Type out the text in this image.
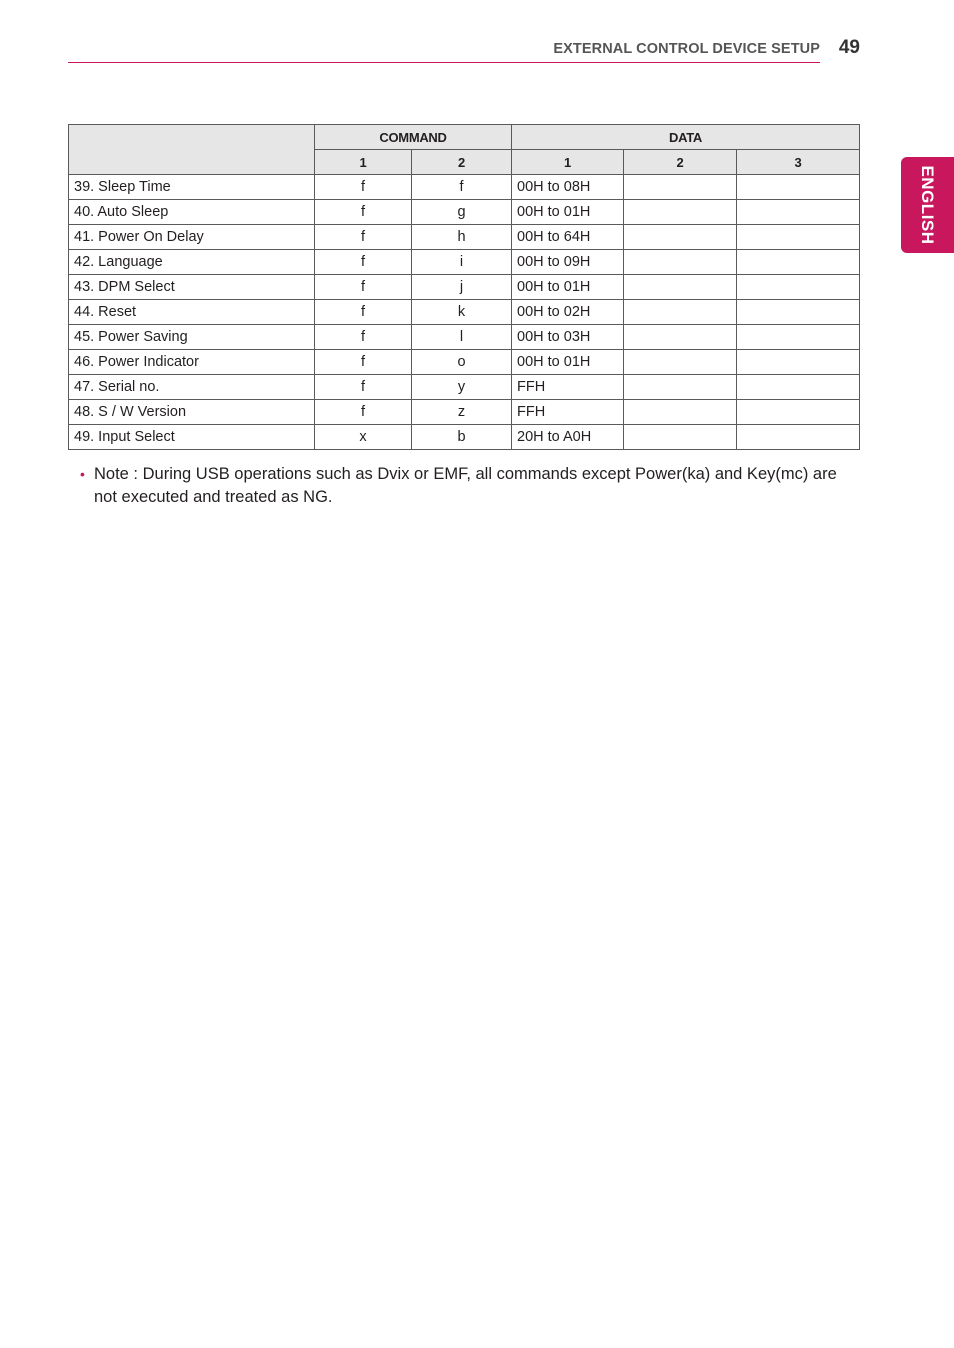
EXTERNAL CONTROL DEVICE SETUP 49
ENGLISH
	COMMAND		DATA		
	1	2	1	2	3
39. Sleep Time	f	f	00H to 08H		
40. Auto Sleep	f	g	00H to 01H		
41. Power On Delay	f	h	00H to 64H		
42. Language	f	i	00H to 09H		
43. DPM Select	f	j	00H to 01H		
44. Reset	f	k	00H to 02H		
45. Power Saving	f	l	00H to 03H		
46. Power Indicator	f	o	00H to 01H		
47. Serial no.	f	y	FFH		
48. S / W Version	f	z	FFH		
49. Input Select	x	b	20H to A0H		
• Note : During USB operations such as Dvix or EMF, all commands except Power(ka) and Key(mc) are not executed and treated as NG.
